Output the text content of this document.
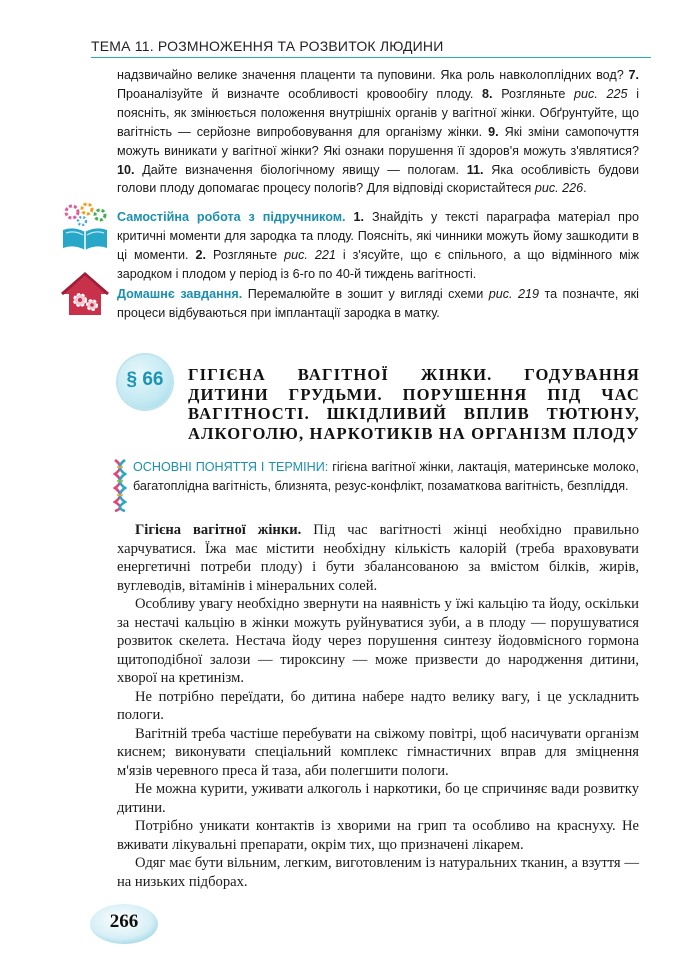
ТЕМА 11. РОЗМНОЖЕННЯ ТА РОЗВИТОК ЛЮДИНИ
надзвичайно велике значення плаценти та пуповини. Яка роль навколоплідних вод? 7. Проаналізуйте й визначте особливості кровообігу плоду. 8. Розгляньте рис. 225 і поясніть, як змінюється положення внутрішніх органів у вагітної жінки. Обґрунтуйте, що вагітність — серйозне випробовування для організму жінки. 9. Які зміни самопочуття можуть виникати у вагітної жінки? Які ознаки порушення її здоров'я можуть з'являтися? 10. Дайте визначення біологічному явищу — пологам. 11. Яка особливість будови голови плоду допомагає процесу пологів? Для відповіді скористайтеся рис. 226.
Самостійна робота з підручником. 1. Знайдіть у тексті параграфа матеріал про критичні моменти для зародка та плоду. Поясніть, які чинники можуть йому зашкодити в ці моменти. 2. Розгляньте рис. 221 і з'ясуйте, що є спільного, а що відмінного між зародком і плодом у період із 6-го по 40-й тиждень вагітності.
Домашнє завдання. Перемалюйте в зошит у вигляді схеми рис. 219 та позначте, які процеси відбуваються при імплантації зародка в матку.
§ 66	ГІГІЄНА ВАГІТНОЇ ЖІНКИ. ГОДУВАННЯ ДИТИНИ ГРУДЬМИ. ПОРУШЕННЯ ПІД ЧАС ВАГІТНОСТІ. ШКІДЛИВИЙ ВПЛИВ ТЮТЮНУ, АЛКОГОЛЮ, НАРКОТИКІВ НА ОРГАНІЗМ ПЛОДУ
ОСНОВНІ ПОНЯТТЯ І ТЕРМІНИ: гігієна вагітної жінки, лактація, материнське молоко, багатоплідна вагітність, близнята, резус-конфлікт, позаматкова вагітність, безпліддя.

Гігієна вагітної жінки. Під час вагітності жінці необхідно правильно харчуватися. Їжа має містити необхідну кількість калорій (треба враховувати енергетичні потреби плоду) і бути збалансованою за вмістом білків, жирів, вуглеводів, вітамінів і мінеральних солей.

Особливу увагу необхідно звернути на наявність у їжі кальцію та йоду, оскільки за нестачі кальцію в жінки можуть руйнуватися зуби, а в плоду — порушуватися розвиток скелета. Нестача йоду через порушення синтезу йодовмісного гормона щитоподібної залози — тироксину — може призвести до народження дитини, хворої на кретинізм.

Не потрібно переїдати, бо дитина набере надто велику вагу, і це ускладнить пологи.

Вагітній треба частіше перебувати на свіжому повітрі, щоб насичувати організм киснем; виконувати спеціальний комплекс гімнастичних вправ для зміцнення м'язів черевного преса й таза, аби полегшити пологи.

Не можна курити, уживати алкоголь і наркотики, бо це спричиняє вади розвитку дитини.

Потрібно уникати контактів із хворими на грип та особливо на краснуху. Не вживати лікувальні препарати, окрім тих, що призначені лікарем.

Одяг має бути вільним, легким, виготовленим із натуральних тканин, а взуття — на низьких підборах.

266
